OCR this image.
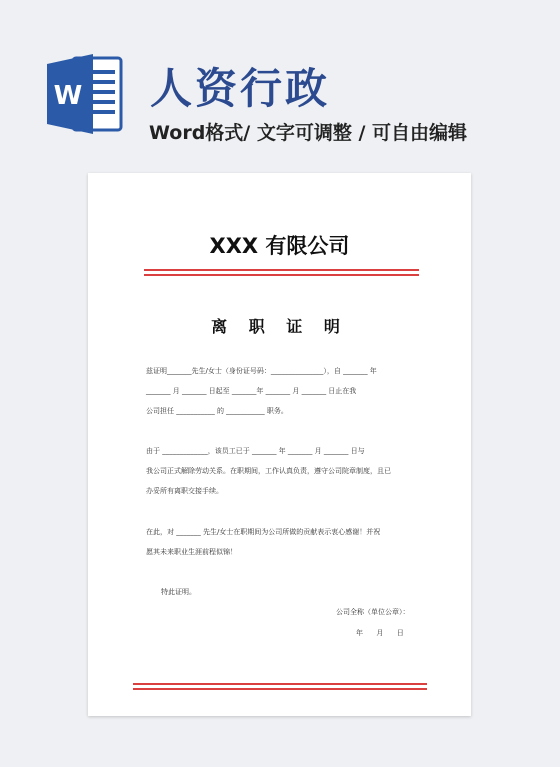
W 人资行政
Word格式/ 文字可调整 / 可自由编辑
XXX 有限公司
离 职 证 明
兹证明_______先生/女士（身份证号码：_______________），自 _______ 年
_______ 月 _______ 日起至 _______年 _______ 月 _______ 日止在我
公司担任 ___________ 的 ___________ 职务。
由于 _____________，该员工已于 _______ 年 _______ 月 _______ 日与
我公司正式解除劳动关系。在职期间，工作认真负责，遵守公司院章制度，且已
办妥所有离职交接手续。
在此，对 _______ 先生/女士在职期间为公司所做的贡献表示衷心感谢！并祝
愿其未来职业生涯前程似锦！
特此证明。
公司全称（单位公章）：
年      月      日
